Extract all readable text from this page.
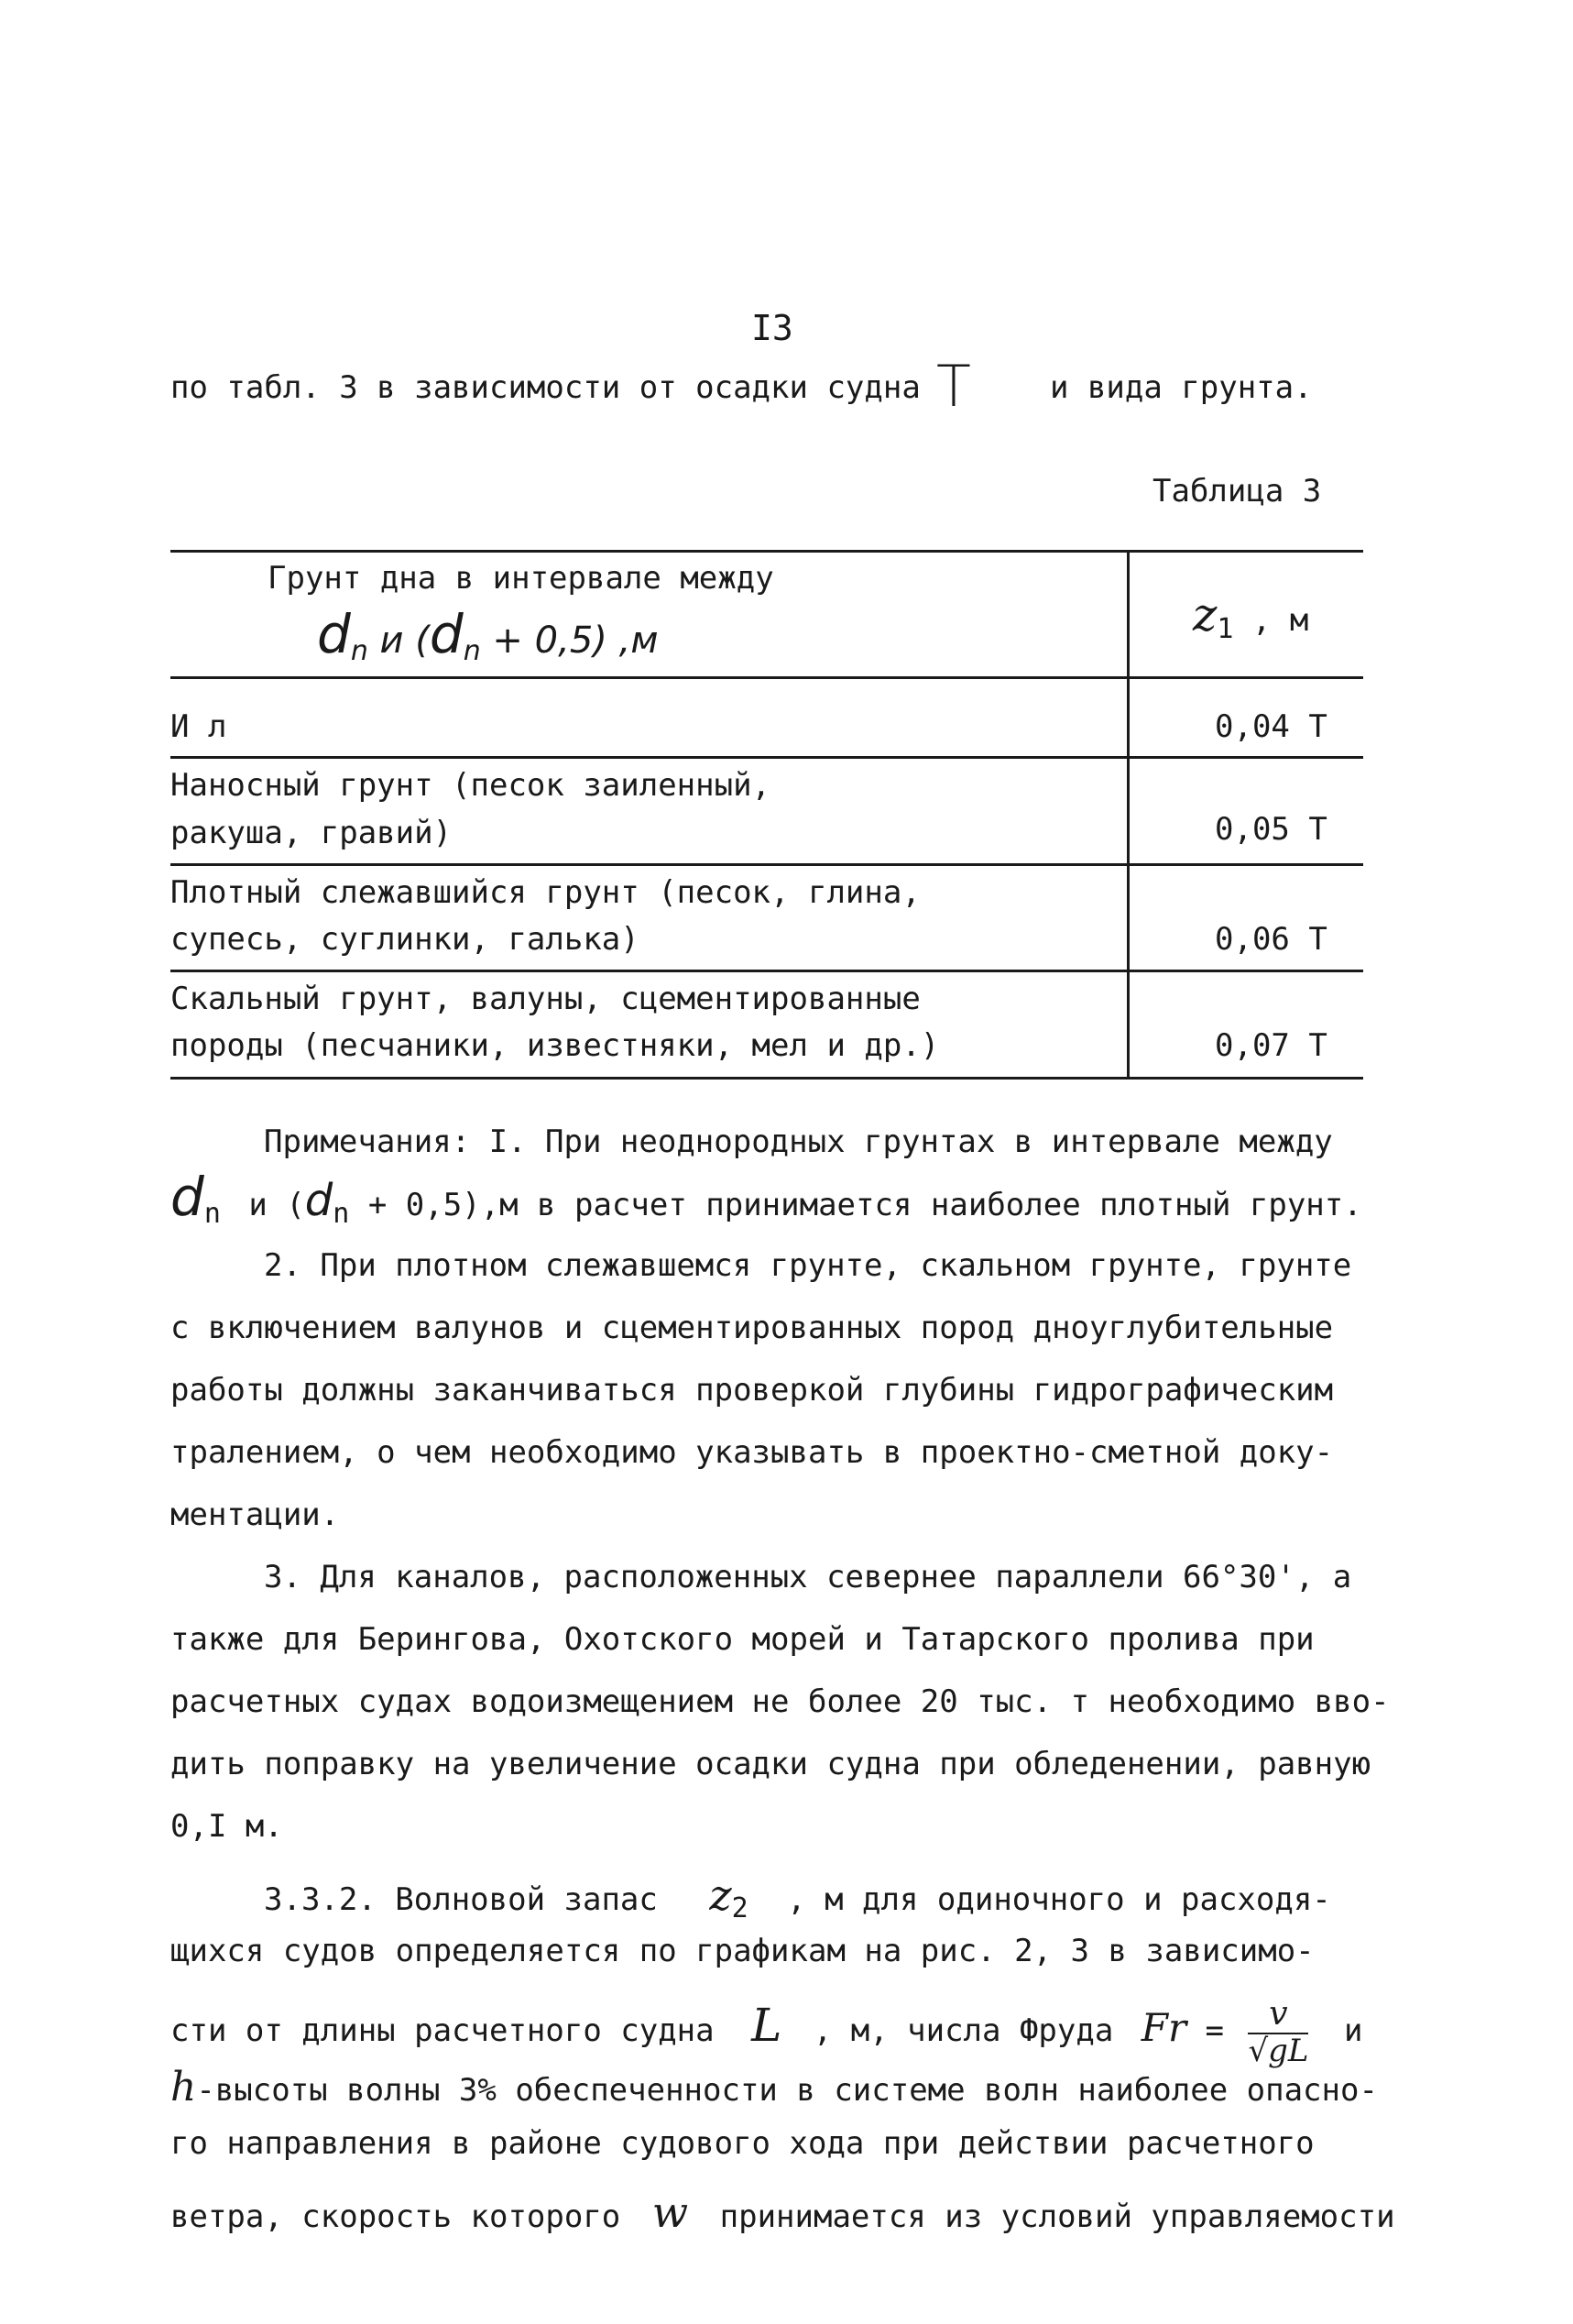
I3
по табл. 3 в зависимости от осадки судна T	и вида грунта.
Таблица 3
Грунт дна в интервале между
$d_n$ и $(d_n + 0,5)$ ,м	z1 , м
И л	0,04 Т
Наносный грунт (песок заиленный,
ракуша, гравий)	0,05 Т
Плотный слежавшийся грунт (песок, глина,
супесь, суглинки, галька)	0,06 Т
Скальный грунт, валуны, сцементированные
породы (песчаники, известняки, мел и др.)	0,07 Т
Примечания: I. При неоднородных грунтах в интервале между
dn и (dn + 0,5),м в расчет принимается наиболее плотный грунт.
2. При плотном слежавшемся грунте, скальном грунте, грунте
с включением валунов и сцементированных пород дноуглубительные
работы должны заканчиваться проверкой глубины гидрографическим
тралением, о чем необходимо указывать в проектно-сметной доку-
ментации.
3. Для каналов, расположенных севернее параллели 66°30', а
также для Берингова, Охотского морей и Татарского пролива при
расчетных судах водоизмещением не более 20 тыс. т необходимо вво-
дить поправку на увеличение осадки судна при обледенении, равную
0,I м.
3.3.2. Волновой запас z2 , м для одиночного и расходя-
щихся судов определяется по графикам на рис. 2, 3 в зависимо-
сти от длины расчетного судна L , м, числа Фруда $Fr = \frac{v}{√gL}$ и
h-высоты волны 3% обеспеченности в системе волн наиболее опасно-
го направления в районе судового хода при действии расчетного
ветра, скорость которого w принимается из условий управляемости
